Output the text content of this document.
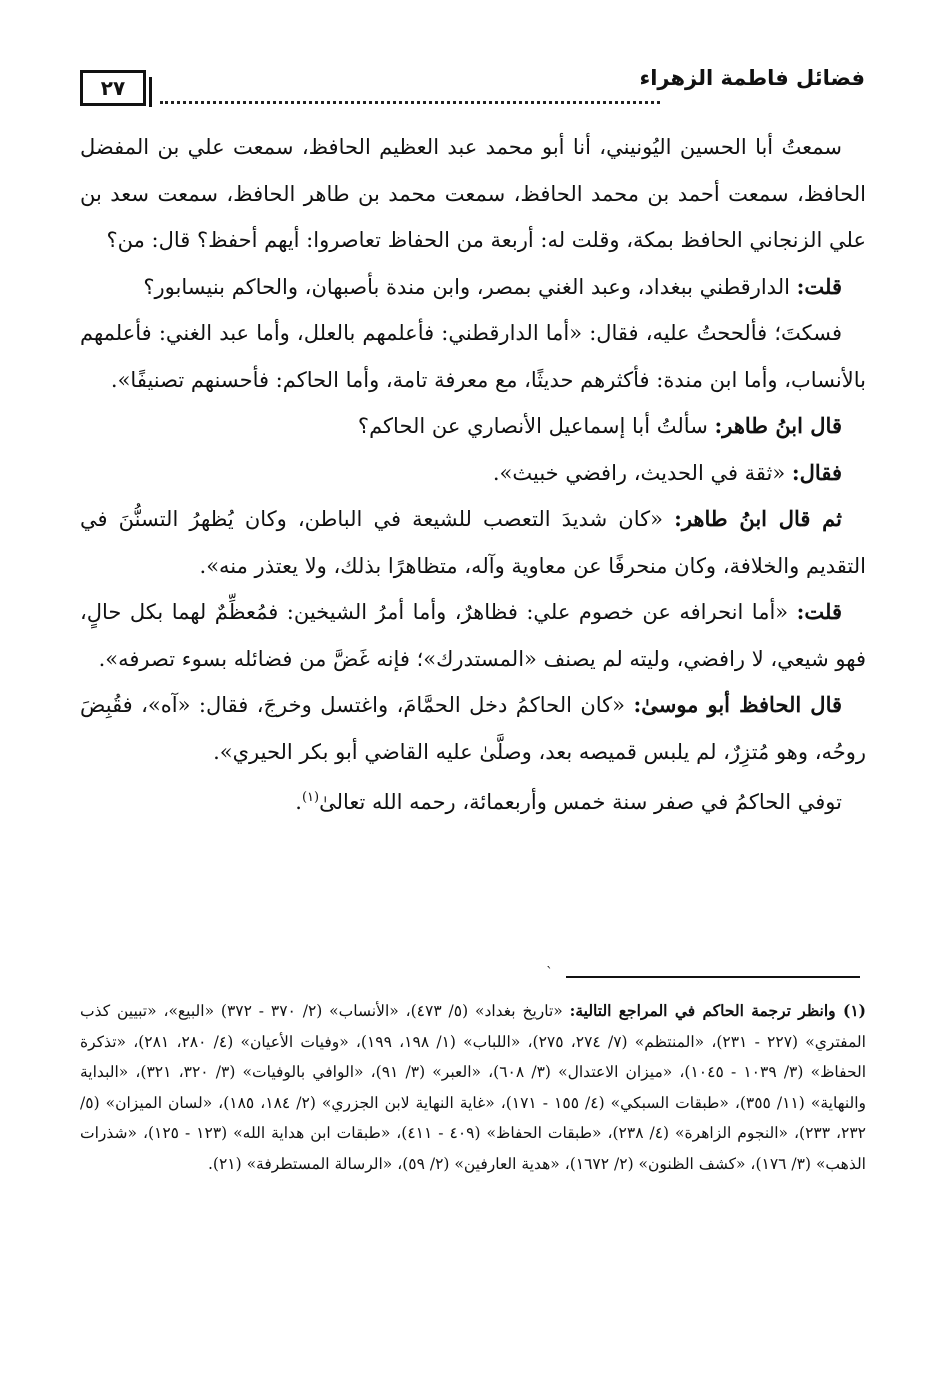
٢٧	فضائل فاطمة الزهراء

سمعتُ أبا الحسين اليُونيني، أنا أبو محمد عبد العظيم الحافظ، سمعت علي بن المفضل الحافظ، سمعت أحمد بن محمد الحافظ، سمعت محمد بن طاهر الحافظ، سمعت سعد بن علي الزنجاني الحافظ بمكة، وقلت له: أربعة من الحفاظ تعاصروا: أيهم أحفظ؟ قال: من؟

قلت: الدارقطني ببغداد، وعبد الغني بمصر، وابن مندة بأصبهان، والحاكم بنيسابور؟

فسكتَ؛ فألححتُ عليه، فقال: «أما الدارقطني: فأعلمهم بالعلل، وأما عبد الغني: فأعلمهم بالأنساب، وأما ابن مندة: فأكثرهم حديثًا، مع معرفة تامة، وأما الحاكم: فأحسنهم تصنيفًا».

قال ابنُ طاهر: سألتُ أبا إسماعيل الأنصاري عن الحاكم؟

فقال: «ثقة في الحديث، رافضي خبيث».

ثم قال ابنُ طاهر: «كان شديدَ التعصب للشيعة في الباطن، وكان يُظهرُ التسنُّنَ في التقديم والخلافة، وكان منحرفًا عن معاوية وآله، متظاهرًا بذلك، ولا يعتذر منه».

قلت: «أما انحرافه عن خصوم علي: فظاهرٌ، وأما أمرُ الشيخين: فمُعظِّمٌ لهما بكل حالٍ، فهو شيعي، لا رافضي، وليته لم يصنف «المستدرك»؛ فإنه غَضَّ من فضائله بسوء تصرفه».

قال الحافظ أبو موسىٰ: «كان الحاكمُ دخل الحمَّامَ، واغتسل وخرجَ، فقال: «آه»، فقُبِضَ روحُه، وهو مُتزِرٌ، لم يلبس قميصه بعد، وصلَّىٰ عليه القاضي أبو بكر الحيري».

توفي الحاكمُ في صفر سنة خمس وأربعمائة، رحمه الله تعالىٰ$^{(١)}$.

ˋ

(١) وانظر ترجمة الحاكم في المراجع التالية: «تاريخ بغداد» (٥/ ٤٧٣)، «الأنساب» (٢/ ٣٧٠ - ٣٧٢) «البيع»، «تبيين كذب المفتري» (٢٢٧ - ٢٣١)، «المنتظم» (٧/ ٢٧٤، ٢٧٥)، «اللباب» (١/ ١٩٨، ١٩٩)، «وفيات الأعيان» (٤/ ٢٨٠، ٢٨١)، «تذكرة الحفاظ» (٣/ ١٠٣٩ - ١٠٤٥)، «ميزان الاعتدال» (٣/ ٦٠٨)، «العبر» (٣/ ٩١)، «الوافي بالوفيات» (٣/ ٣٢٠، ٣٢١)، «البداية والنهاية» (١١/ ٣٥٥)، «طبقات السبكي» (٤/ ١٥٥ - ١٧١)، «غاية النهاية لابن الجزري» (٢/ ١٨٤، ١٨٥)، «لسان الميزان» (٥/ ٢٣٢، ٢٣٣)، «النجوم الزاهرة» (٤/ ٢٣٨)، «طبقات الحفاظ» (٤٠٩ - ٤١١)، «طبقات ابن هداية الله» (١٢٣ - ١٢٥)، «شذرات الذهب» (٣/ ١٧٦)، «كشف الظنون» (٢/ ١٦٧٢)، «هدية العارفين» (٢/ ٥٩)، «الرسالة المستطرفة» (٢١).
